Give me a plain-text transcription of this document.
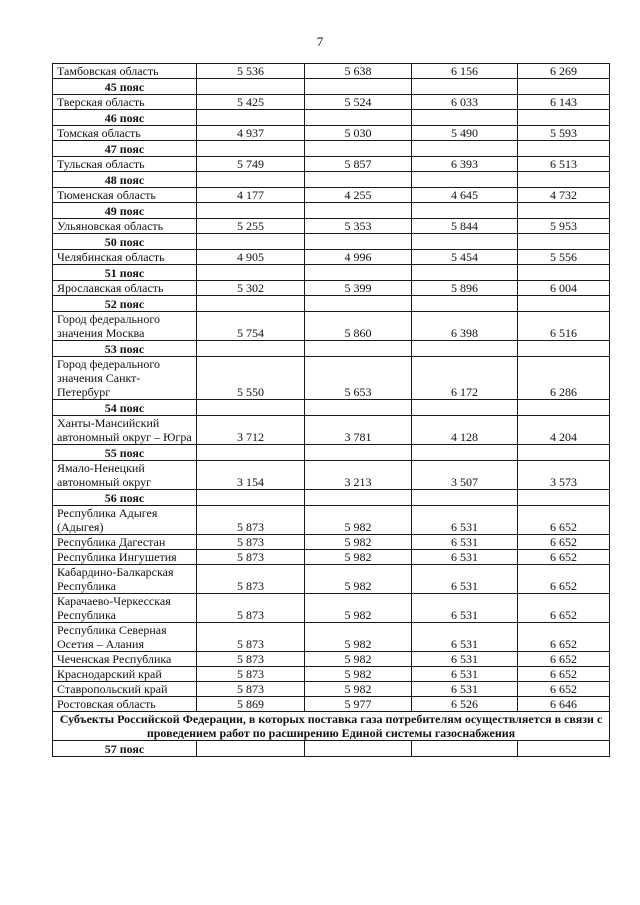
7
Тамбовская область	5 536	5 638	6 156	6 269
45 пояс				
Тверская область	5 425	5 524	6 033	6 143
46 пояс				
Томская область	4 937	5 030	5 490	5 593
47 пояс				
Тульская область	5 749	5 857	6 393	6 513
48 пояс				
Тюменская область	4 177	4 255	4 645	4 732
49 пояс				
Ульяновская область	5 255	5 353	5 844	5 953
50 пояс				
Челябинская область	4 905	4 996	5 454	5 556
51 пояс				
Ярославская область	5 302	5 399	5 896	6 004
52 пояс				
Город федерального значения Москва	5 754	5 860	6 398	6 516
53 пояс				
Город федерального значения Санкт-Петербург	5 550	5 653	6 172	6 286
54 пояс				
Ханты-Мансийский автономный округ – Югра	3 712	3 781	4 128	4 204
55 пояс				
Ямало-Ненецкий автономный округ	3 154	3 213	3 507	3 573
56 пояс				
Республика Адыгея (Адыгея)	5 873	5 982	6 531	6 652
Республика Дагестан	5 873	5 982	6 531	6 652
Республика Ингушетия	5 873	5 982	6 531	6 652
Кабардино-Балкарская Республика	5 873	5 982	6 531	6 652
Карачаево-Черкесская Республика	5 873	5 982	6 531	6 652
Республика Северная Осетия – Алания	5 873	5 982	6 531	6 652
Чеченская Республика	5 873	5 982	6 531	6 652
Краснодарский край	5 873	5 982	6 531	6 652
Ставропольский край	5 873	5 982	6 531	6 652
Ростовская область	5 869	5 977	6 526	6 646
Субъекты Российской Федерации, в которых поставка газа потребителям осуществляется в связи с проведением работ по расширению Единой системы газоснабжения				
57 пояс				
